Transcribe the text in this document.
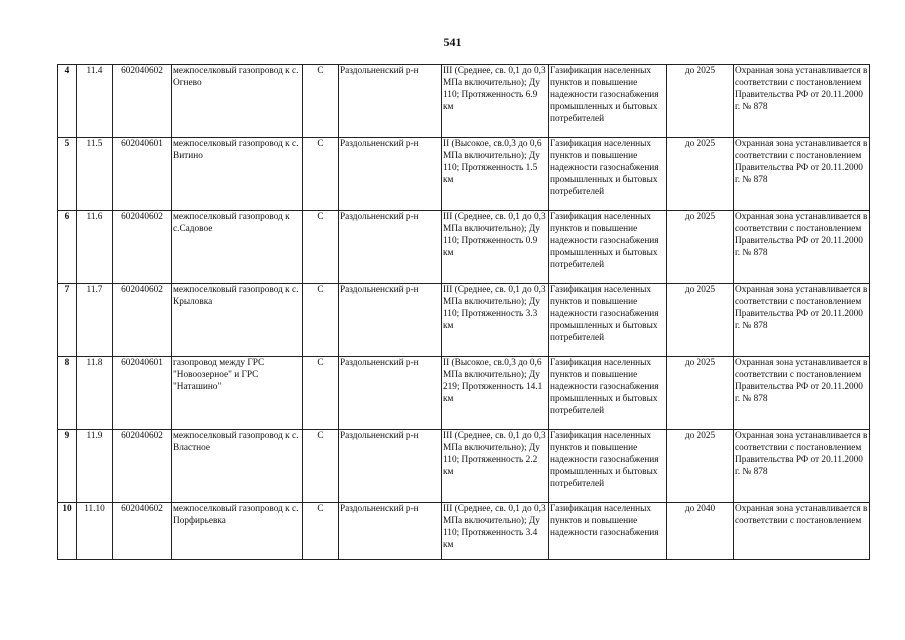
541
4	11.4	602040602	межпоселковый газопровод к с. Огнево	С	Раздольненский р-н	III (Среднее, св. 0,1 до 0,3 МПа включительно); Ду 110; Протяженность 6.9 км	Газификация населенных пунктов и повышение надежности газоснабжения промышленных и бытовых потребителей	до 2025	Охранная зона устанавливается в соответствии с постановлением Правительства РФ от 20.11.2000 г. № 878
5	11.5	602040601	межпоселковый газопровод к с. Витино	С	Раздольненский р-н	II (Высокое, св.0,3 до 0,6 МПа включительно); Ду 110; Протяженность 1.5 км	Газификация населенных пунктов и повышение надежности газоснабжения промышленных и бытовых потребителей	до 2025	Охранная зона устанавливается в соответствии с постановлением Правительства РФ от 20.11.2000 г. № 878
6	11.6	602040602	межпоселковый газопровод к с.Садовое	С	Раздольненский р-н	III (Среднее, св. 0,1 до 0,3 МПа включительно); Ду 110; Протяженность 0.9 км	Газификация населенных пунктов и повышение надежности газоснабжения промышленных и бытовых потребителей	до 2025	Охранная зона устанавливается в соответствии с постановлением Правительства РФ от 20.11.2000 г. № 878
7	11.7	602040602	межпоселковый газопровод к с. Крыловка	С	Раздольненский р-н	III (Среднее, св. 0,1 до 0,3 МПа включительно); Ду 110; Протяженность 3.3 км	Газификация населенных пунктов и повышение надежности газоснабжения промышленных и бытовых потребителей	до 2025	Охранная зона устанавливается в соответствии с постановлением Правительства РФ от 20.11.2000 г. № 878
8	11.8	602040601	газопровод между ГРС "Новоозерное" и ГРС "Наташино"	С	Раздольненский р-н	II (Высокое, св.0,3 до 0,6 МПа включительно); Ду 219; Протяженность 14.1 км	Газификация населенных пунктов и повышение надежности газоснабжения промышленных и бытовых потребителей	до 2025	Охранная зона устанавливается в соответствии с постановлением Правительства РФ от 20.11.2000 г. № 878
9	11.9	602040602	межпоселковый газопровод к с. Властное	С	Раздольненский р-н	III (Среднее, св. 0,1 до 0,3 МПа включительно); Ду 110; Протяженность 2.2 км	Газификация населенных пунктов и повышение надежности газоснабжения промышленных и бытовых потребителей	до 2025	Охранная зона устанавливается в соответствии с постановлением Правительства РФ от 20.11.2000 г. № 878
10	11.10	602040602	межпоселковый газопровод к с. Порфирьевка	С	Раздольненский р-н	III (Среднее, св. 0,1 до 0,3 МПа включительно); Ду 110; Протяженность 3.4 км	Газификация населенных пунктов и повышение надежности газоснабжения	до 2040	Охранная зона устанавливается в соответствии с постановлением
